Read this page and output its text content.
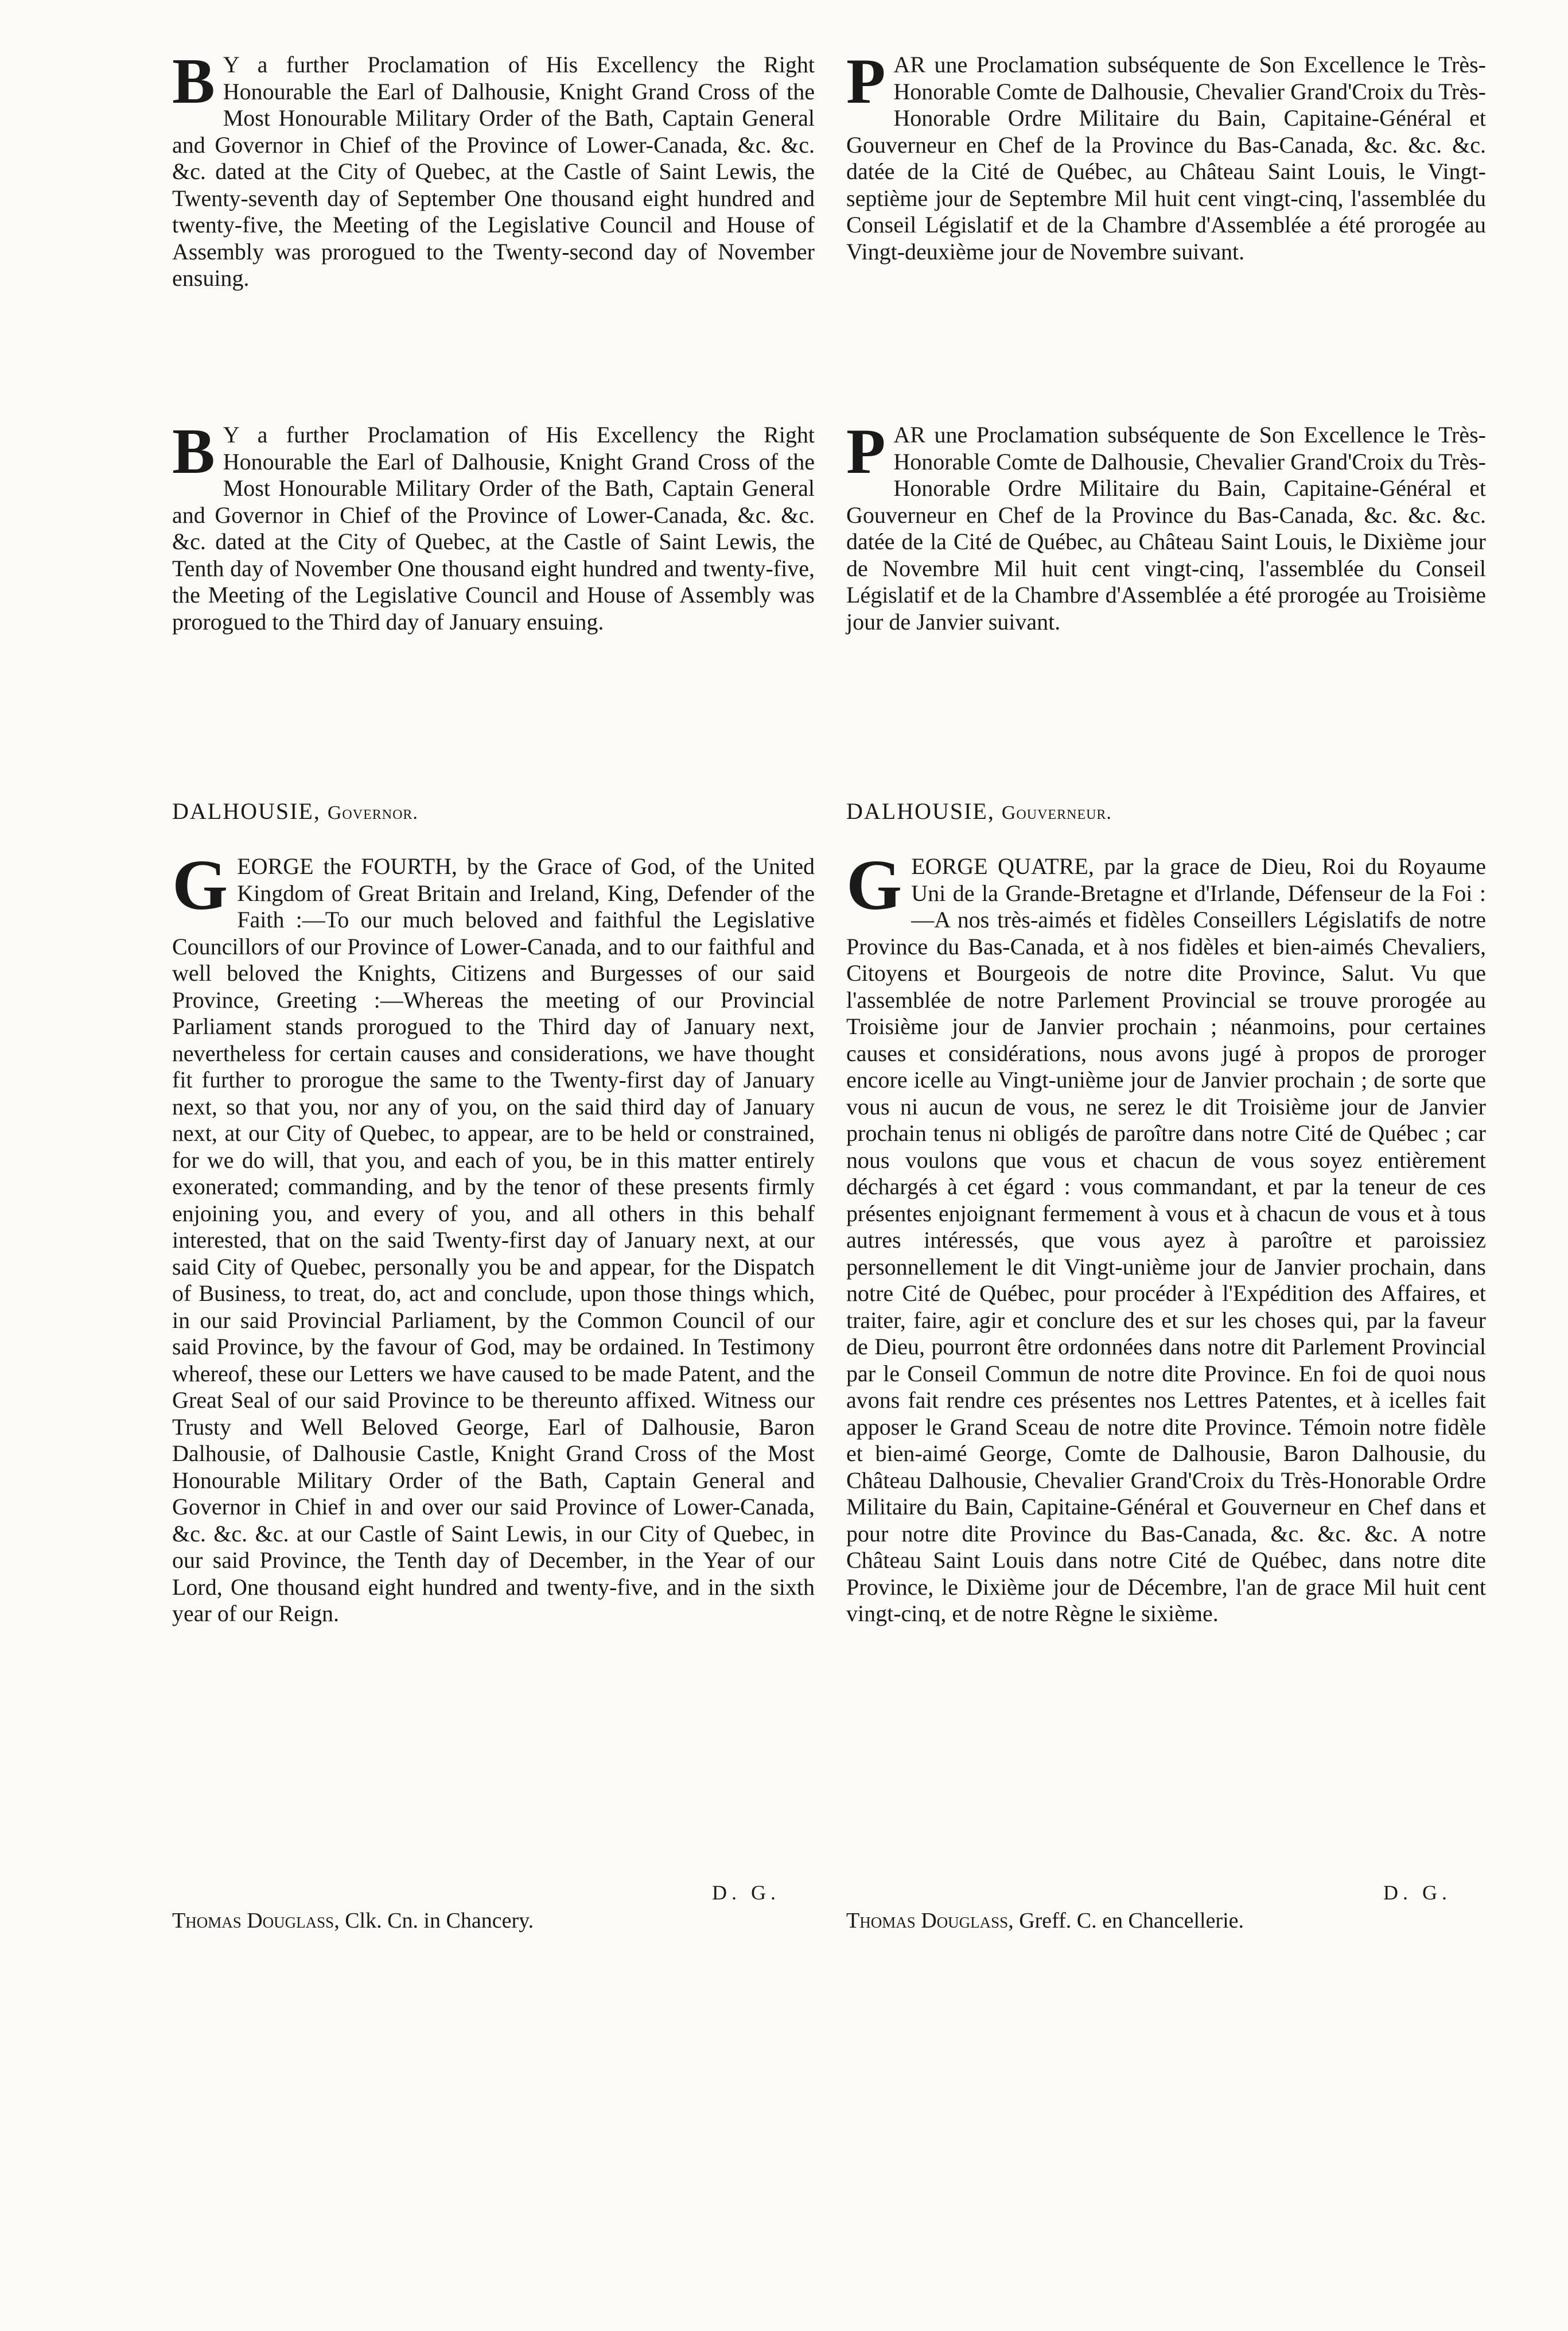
B Y a further Proclamation of His Excellency the Right Honourable the Earl of Dalhousie, Knight Grand Cross of the Most Honourable Military Order of the Bath, Captain General and Governor in Chief of the Province of Lower-Canada, &c. &c. &c. dated at the City of Quebec, at the Castle of Saint Lewis, the Twenty-seventh day of September One thousand eight hundred and twenty-five, the Meeting of the Legislative Council and House of Assembly was prorogued to the Twenty-second day of November ensuing.

B Y a further Proclamation of His Excellency the Right Honourable the Earl of Dalhousie, Knight Grand Cross of the Most Honourable Military Order of the Bath, Captain General and Governor in Chief of the Province of Lower-Canada, &c. &c. &c. dated at the City of Quebec, at the Castle of Saint Lewis, the Tenth day of November One thousand eight hundred and twenty-five, the Meeting of the Legislative Council and House of Assembly was prorogued to the Third day of January ensuing.

DALHOUSIE, Governor.
G EORGE the FOURTH, by the Grace of God, of the United Kingdom of Great Britain and Ireland, King, Defender of the Faith :—To our much beloved and faithful the Legislative Councillors of our Province of Lower-Canada, and to our faithful and well beloved the Knights, Citizens and Burgesses of our said Province, Greeting :—Whereas the meeting of our Provincial Parliament stands prorogued to the Third day of January next, nevertheless for certain causes and considerations, we have thought fit further to prorogue the same to the Twenty-first day of January next, so that you, nor any of you, on the said third day of January next, at our City of Quebec, to appear, are to be held or constrained, for we do will, that you, and each of you, be in this matter entirely exonerated; commanding, and by the tenor of these presents firmly enjoining you, and every of you, and all others in this behalf interested, that on the said Twenty-first day of January next, at our said City of Quebec, personally you be and appear, for the Dispatch of Business, to treat, do, act and conclude, upon those things which, in our said Provincial Parliament, by the Common Council of our said Province, by the favour of God, may be ordained. In Testimony whereof, these our Letters we have caused to be made Patent, and the Great Seal of our said Province to be thereunto affixed. Witness our Trusty and Well Beloved George, Earl of Dalhousie, Baron Dalhousie, of Dalhousie Castle, Knight Grand Cross of the Most Honourable Military Order of the Bath, Captain General and Governor in Chief in and over our said Province of Lower-Canada, &c. &c. &c. at our Castle of Saint Lewis, in our City of Quebec, in our said Province, the Tenth day of December, in the Year of our Lord, One thousand eight hundred and twenty-five, and in the sixth year of our Reign.

D. G.
Thomas Douglass, Clk. Cn. in Chancery.
P AR une Proclamation subséquente de Son Excellence le Très-Honorable Comte de Dalhousie, Chevalier Grand'Croix du Très-Honorable Ordre Militaire du Bain, Capitaine-Général et Gouverneur en Chef de la Province du Bas-Canada, &c. &c. &c. datée de la Cité de Québec, au Château Saint Louis, le Vingt-septième jour de Septembre Mil huit cent vingt-cinq, l'assemblée du Conseil Législatif et de la Chambre d'Assemblée a été prorogée au Vingt-deuxième jour de Novembre suivant.

P AR une Proclamation subséquente de Son Excellence le Très-Honorable Comte de Dalhousie, Chevalier Grand'Croix du Très-Honorable Ordre Militaire du Bain, Capitaine-Général et Gouverneur en Chef de la Province du Bas-Canada, &c. &c. &c. datée de la Cité de Québec, au Château Saint Louis, le Dixième jour de Novembre Mil huit cent vingt-cinq, l'assemblée du Conseil Législatif et de la Chambre d'Assemblée a été prorogée au Troisième jour de Janvier suivant.

DALHOUSIE, Gouverneur.
G EORGE QUATRE, par la grace de Dieu, Roi du Royaume Uni de la Grande-Bretagne et d'Irlande, Défenseur de la Foi :—A nos très-aimés et fidèles Conseillers Législatifs de notre Province du Bas-Canada, et à nos fidèles et bien-aimés Chevaliers, Citoyens et Bourgeois de notre dite Province, Salut. Vu que l'assemblée de notre Parlement Provincial se trouve prorogée au Troisième jour de Janvier prochain ; néanmoins, pour certaines causes et considérations, nous avons jugé à propos de proroger encore icelle au Vingt-unième jour de Janvier prochain ; de sorte que vous ni aucun de vous, ne serez le dit Troisième jour de Janvier prochain tenus ni obligés de paroître dans notre Cité de Québec ; car nous voulons que vous et chacun de vous soyez entièrement déchargés à cet égard : vous commandant, et par la teneur de ces présentes enjoignant fermement à vous et à chacun de vous et à tous autres intéressés, que vous ayez à paroître et paroissiez personnellement le dit Vingt-unième jour de Janvier prochain, dans notre Cité de Québec, pour procéder à l'Expédition des Affaires, et traiter, faire, agir et conclure des et sur les choses qui, par la faveur de Dieu, pourront être ordonnées dans notre dit Parlement Provincial par le Conseil Commun de notre dite Province. En foi de quoi nous avons fait rendre ces présentes nos Lettres Patentes, et à icelles fait apposer le Grand Sceau de notre dite Province. Témoin notre fidèle et bien-aimé George, Comte de Dalhousie, Baron Dalhousie, du Château Dalhousie, Chevalier Grand'Croix du Très-Honorable Ordre Militaire du Bain, Capitaine-Général et Gouverneur en Chef dans et pour notre dite Province du Bas-Canada, &c. &c. &c. A notre Château Saint Louis dans notre Cité de Québec, dans notre dite Province, le Dixième jour de Décembre, l'an de grace Mil huit cent vingt-cinq, et de notre Règne le sixième.

D. G.
Thomas Douglass, Greff. C. en Chancellerie.
